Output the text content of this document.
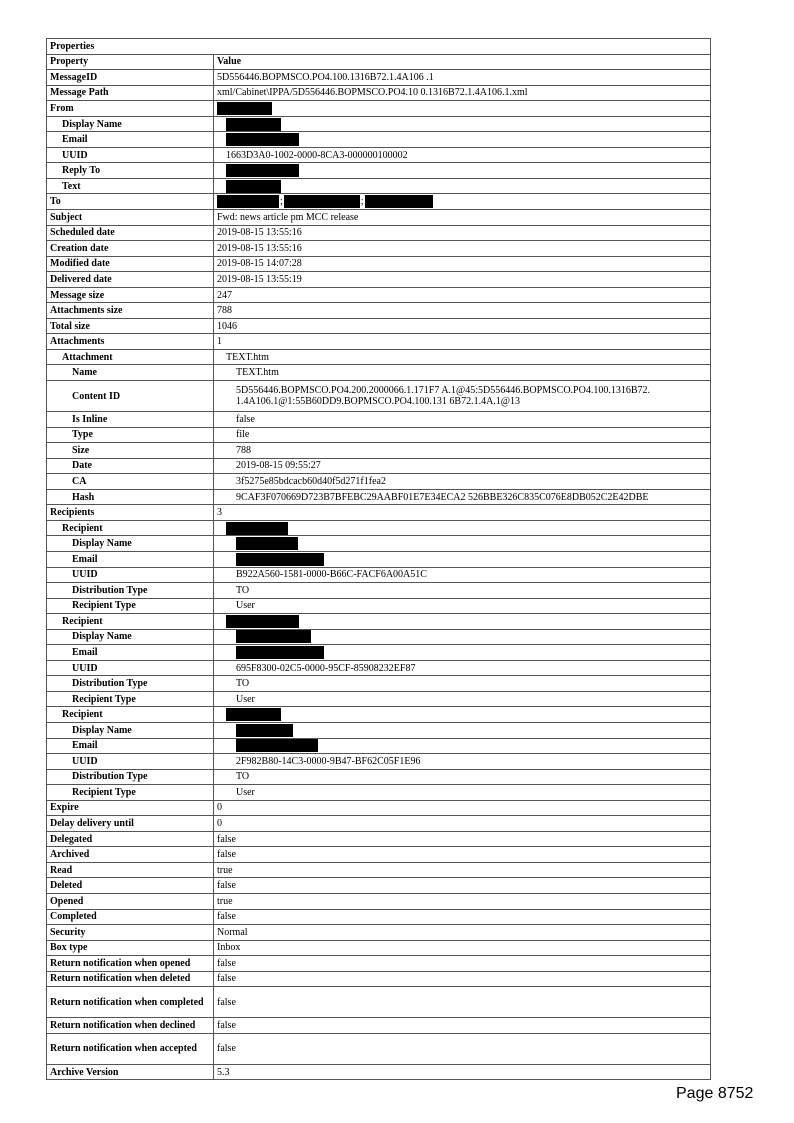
Properties	
Property	Value
MessageID	5D556446.BOPMSCO.PO4.100.1316B72.1.4A106 .1
Message Path	xml/Cabinet\IPPA/5D556446.BOPMSCO.PO4.10 0.1316B72.1.4A106.1.xml
From	
Display Name	
Email	
UUID	1663D3A0-1002-0000-8CA3-000000100002
Reply To	
Text	
To	; ;
Subject	Fwd: news article pm MCC release
Scheduled date	2019-08-15 13:55:16
Creation date	2019-08-15 13:55:16
Modified date	2019-08-15 14:07:28
Delivered date	2019-08-15 13:55:19
Message size	247
Attachments size	788
Total size	1046
Attachments	1
Attachment	TEXT.htm
Name	TEXT.htm
Content ID	5D556446.BOPMSCO.PO4.200.2000066.1.171F7 A.1@45:5D556446.BOPMSCO.PO4.100.1316B72. 1.4A106.1@1:55B60DD9.BOPMSCO.PO4.100.131 6B72.1.4A.1@13
Is Inline	false
Type	file
Size	788
Date	2019-08-15 09:55:27
CA	3f5275e85bdcacb60d40f5d271f1fea2
Hash	9CAF3F070669D723B7BFEBC29AABF01E7E34ECA2 526BBE326C835C076E8DB052C2E42DBE
Recipients	3
Recipient	
Display Name	
Email	
UUID	B922A560-1581-0000-B66C-FACF6A00A51C
Distribution Type	TO
Recipient Type	User
Recipient	
Display Name	
Email	
UUID	695F8300-02C5-0000-95CF-85908232EF87
Distribution Type	TO
Recipient Type	User
Recipient	
Display Name	
Email	
UUID	2F982B80-14C3-0000-9B47-BF62C05F1E96
Distribution Type	TO
Recipient Type	User
Expire	0
Delay delivery until	0
Delegated	false
Archived	false
Read	true
Deleted	false
Opened	true
Completed	false
Security	Normal
Box type	Inbox
Return notification when opened	false
Return notification when deleted	false
Return notification when completed	false
Return notification when declined	false
Return notification when accepted	false
Archive Version	5.3
Page 8752
